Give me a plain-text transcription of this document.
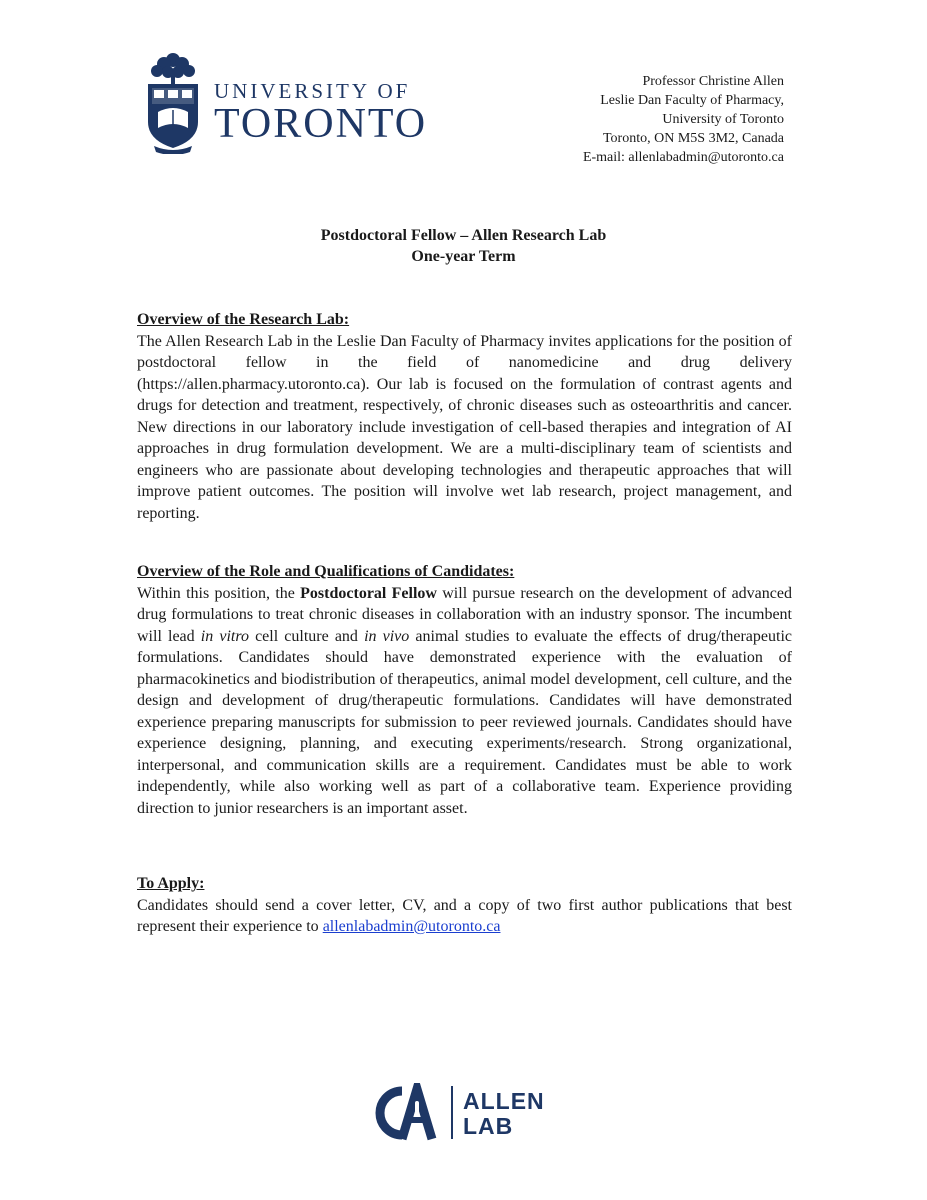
UNIVERSITY OF
TORONTO
Professor Christine Allen
Leslie Dan Faculty of Pharmacy,
University of Toronto
Toronto, ON M5S 3M2, Canada
E-mail: allenlabadmin@utoronto.ca
Postdoctoral Fellow – Allen Research Lab
One-year Term
Overview of the Research Lab:

The Allen Research Lab in the Leslie Dan Faculty of Pharmacy invites applications for the position of postdoctoral fellow in the field of nanomedicine and drug delivery (https://allen.pharmacy.utoronto.ca). Our lab is focused on the formulation of contrast agents and drugs for detection and treatment, respectively, of chronic diseases such as osteoarthritis and cancer. New directions in our laboratory include investigation of cell-based therapies and integration of AI approaches in drug formulation development. We are a multi-disciplinary team of scientists and engineers who are passionate about developing technologies and therapeutic approaches that will improve patient outcomes. The position will involve wet lab research, project management, and reporting.

Overview of the Role and Qualifications of Candidates:

Within this position, the Postdoctoral Fellow will pursue research on the development of advanced drug formulations to treat chronic diseases in collaboration with an industry sponsor. The incumbent will lead in vitro cell culture and in vivo animal studies to evaluate the effects of drug/therapeutic formulations. Candidates should have demonstrated experience with the evaluation of pharmacokinetics and biodistribution of therapeutics, animal model development, cell culture, and the design and development of drug/therapeutic formulations. Candidates will have demonstrated experience preparing manuscripts for submission to peer reviewed journals. Candidates should have experience designing, planning, and executing experiments/research. Strong organizational, interpersonal, and communication skills are a requirement. Candidates must be able to work independently, while also working well as part of a collaborative team. Experience providing direction to junior researchers is an important asset.

To Apply:

Candidates should send a cover letter, CV, and a copy of two first author publications that best represent their experience to allenlabadmin@utoronto.ca

ALLEN
LAB
